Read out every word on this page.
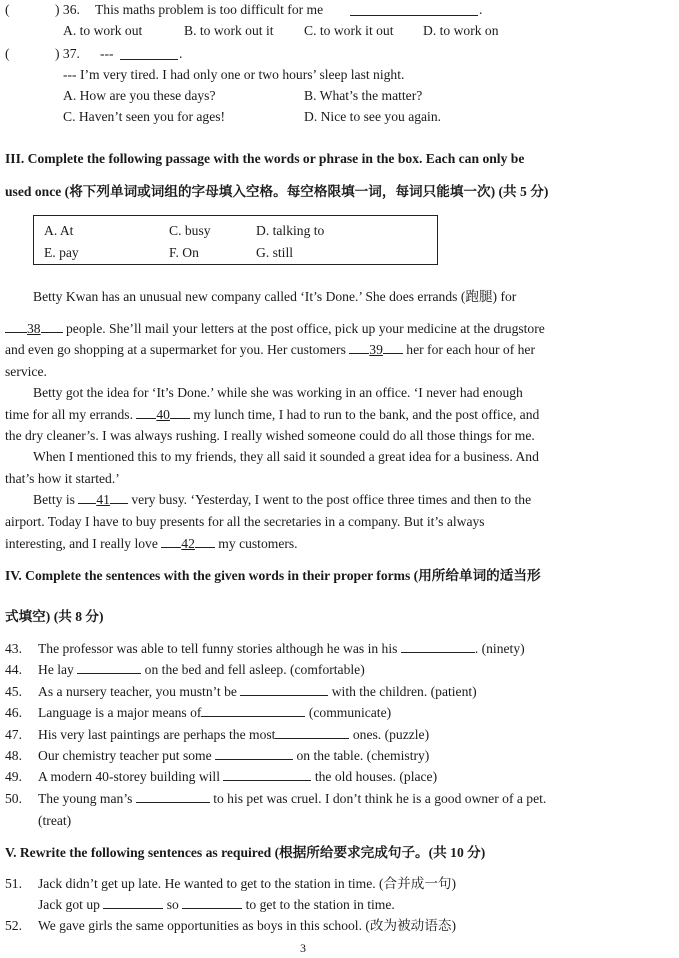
(	) 36. This maths problem is too difficult for me	.
A. to work out	B. to work out it C. to work it out D. to work on
(	) 37. ---	.
--- I’m very tired. I had only one or two hours’ sleep last night.
A. How are you these days?	B. What’s the matter?
C. Haven’t seen you for ages!	D. Nice to see you again.
III. Complete the following passage with the words or phrase in the box. Each can only be
used once (将下列单词或词组的字母填入空格。每空格限填一词，每词只能填一次) (共 5 分)
A. At	C. busy	D. talking to
E. pay	F. On	G. still
Betty Kwan has an unusual new company called ‘It’s Done.’ She does errands (跑腿) for
38 people. She’ll mail your letters at the post office, pick up your medicine at the drugstore
and even go shopping at a supermarket for you. Her customers 39 her for each hour of her
service.
Betty got the idea for ‘It’s Done.’ while she was working in an office. ‘I never had enough
time for all my errands. 40 my lunch time, I had to run to the bank, and the post office, and
the dry cleaner’s. I was always rushing. I really wished someone could do all those things for me.
When I mentioned this to my friends, they all said it sounded a great idea for a business. And
that’s how it started.’
Betty is 41 very busy. ‘Yesterday, I went to the post office three times and then to the
airport. Today I have to buy presents for all the secretaries in a company. But it’s always
interesting, and I really love 42 my customers.
IV. Complete the sentences with the given words in their proper forms (用所给单词的适当形
式填空) (共 8 分)
43. The professor was able to tell funny stories although he was in his	. (ninety)
44. He lay	on the bed and fell asleep. (comfortable)
45. As a nursery teacher, you mustn’t be	with the children. (patient)
46. Language is a major means of	(communicate)
47. His very last paintings are perhaps the most	ones. (puzzle)
48. Our chemistry teacher put some	on the table. (chemistry)
49. A modern 40-storey building will	the old houses. (place)
50. The young man’s	to his pet was cruel. I don’t think he is a good owner of a pet.
(treat)
V. Rewrite the following sentences as required (根据所给要求完成句子。(共 10 分)
51. Jack didn’t get up late. He wanted to get to the station in time. (合并成一句)
Jack got up	so	to get to the station in time.
52. We gave girls the same opportunities as boys in this school. (改为被动语态)
3
